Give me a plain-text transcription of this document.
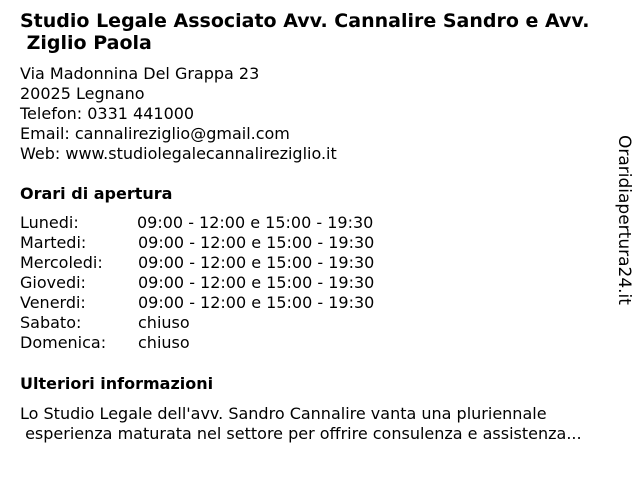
Studio Legale Associato Avv. Cannalire Sandro e Avv.
Ziglio Paola
Via Madonnina Del Grappa 23
20025 Legnano
Telefon: 0331 441000
Email: cannalireziglio@gmail.com
Web: www.studiolegalecannalireziglio.it
Orari di apertura
Lunedi:	09:00 - 12:00 e 15:00 - 19:30
Martedi:	09:00 - 12:00 e 15:00 - 19:30
Mercoledi: 09:00 - 12:00 e 15:00 - 19:30
Giovedi:	09:00 - 12:00 e 15:00 - 19:30
Venerdi:	09:00 - 12:00 e 15:00 - 19:30
Sabato:	chiuso
Domenica: chiuso
Ulteriori informazioni

Lo Studio Legale dell'avv. Sandro Cannalire vanta una pluriennale
esperienza maturata nel settore per offrire consulenza e assistenza...

Oraridiapertura24.it
